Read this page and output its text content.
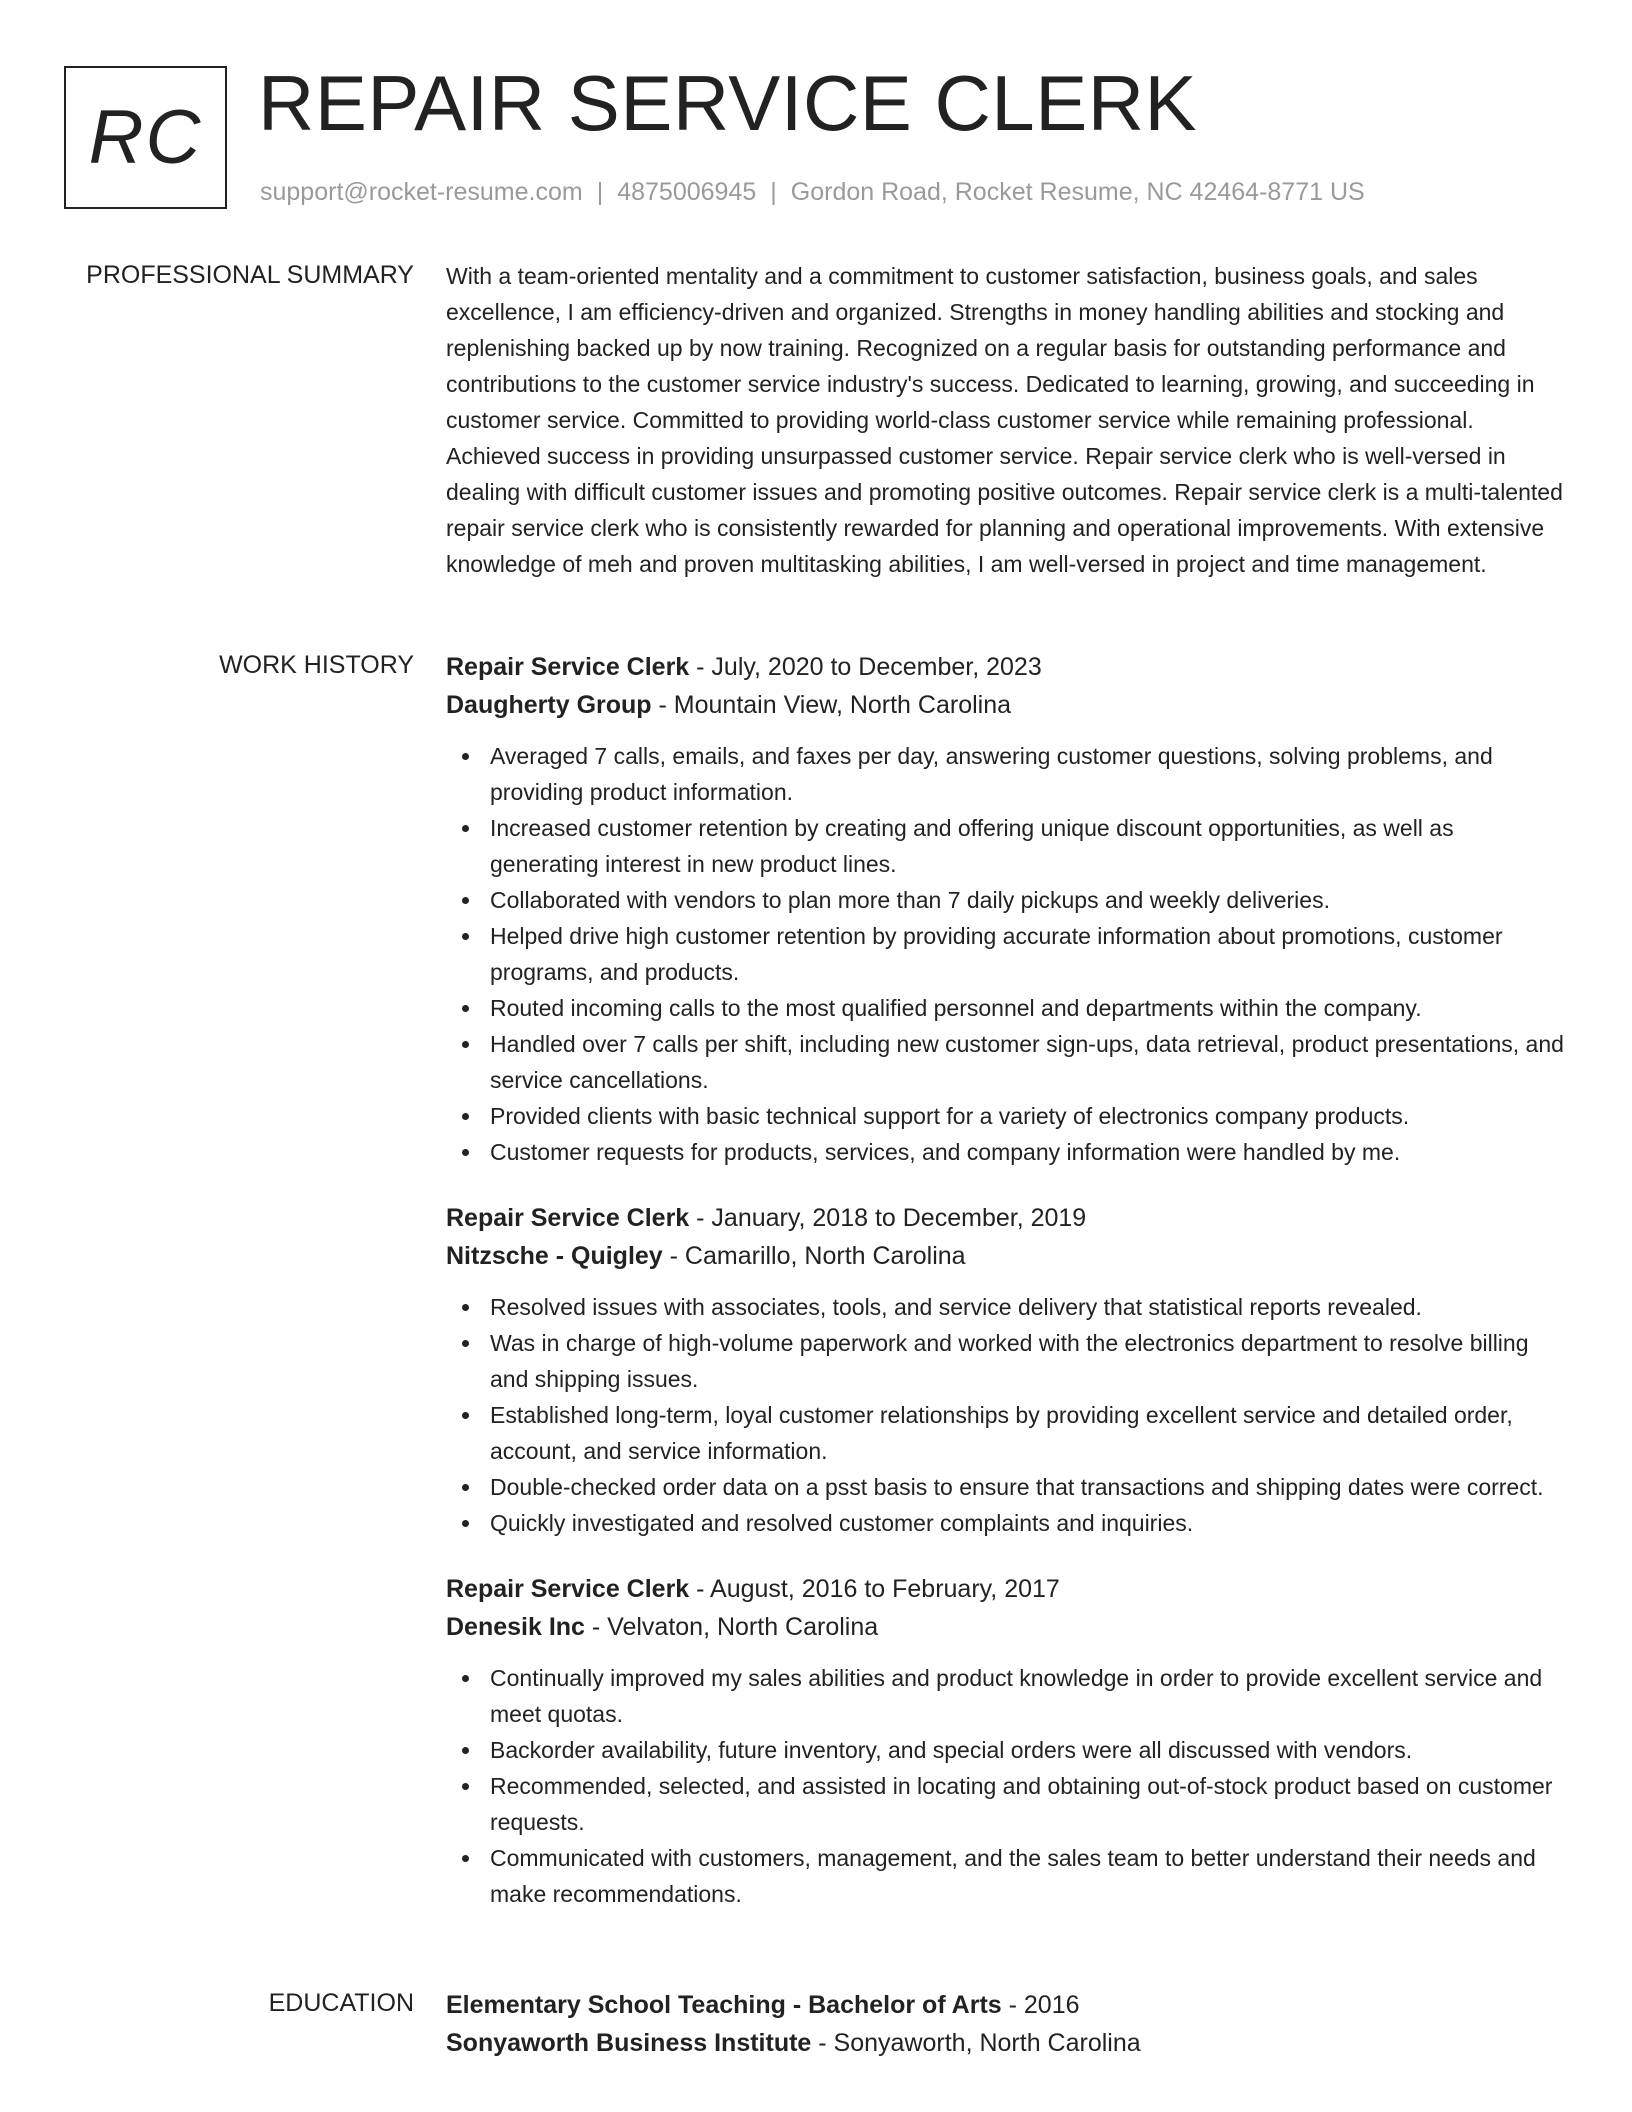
RC REPAIR SERVICE CLERK
support@rocket-resume.com | 4875006945 | Gordon Road, Rocket Resume, NC 42464-8771 US
PROFESSIONAL SUMMARY With a team-oriented mentality and a commitment to customer satisfaction, business goals, and sales excellence, I am efficiency-driven and organized. Strengths in money handling abilities and stocking and replenishing backed up by now training. Recognized on a regular basis for outstanding performance and contributions to the customer service industry's success. Dedicated to learning, growing, and succeeding in customer service. Committed to providing world-class customer service while remaining professional. Achieved success in providing unsurpassed customer service. Repair service clerk who is well-versed in dealing with difficult customer issues and promoting positive outcomes. Repair service clerk is a multi-talented repair service clerk who is consistently rewarded for planning and operational improvements. With extensive knowledge of meh and proven multitasking abilities, I am well-versed in project and time management.

WORK HISTORY Repair Service Clerk - July, 2020 to December, 2023
Daugherty Group - Mountain View, North Carolina
Averaged 7 calls, emails, and faxes per day, answering customer questions, solving problems, and providing product information.
Increased customer retention by creating and offering unique discount opportunities, as well as generating interest in new product lines.
Collaborated with vendors to plan more than 7 daily pickups and weekly deliveries.
Helped drive high customer retention by providing accurate information about promotions, customer programs, and products.
Routed incoming calls to the most qualified personnel and departments within the company.
Handled over 7 calls per shift, including new customer sign-ups, data retrieval, product presentations, and service cancellations.
Provided clients with basic technical support for a variety of electronics company products.
Customer requests for products, services, and company information were handled by me.
Repair Service Clerk - January, 2018 to December, 2019
Nitzsche - Quigley - Camarillo, North Carolina
Resolved issues with associates, tools, and service delivery that statistical reports revealed.
Was in charge of high-volume paperwork and worked with the electronics department to resolve billing and shipping issues.
Established long-term, loyal customer relationships by providing excellent service and detailed order, account, and service information.
Double-checked order data on a psst basis to ensure that transactions and shipping dates were correct.
Quickly investigated and resolved customer complaints and inquiries.
Repair Service Clerk - August, 2016 to February, 2017
Denesik Inc - Velvaton, North Carolina
Continually improved my sales abilities and product knowledge in order to provide excellent service and meet quotas.
Backorder availability, future inventory, and special orders were all discussed with vendors.
Recommended, selected, and assisted in locating and obtaining out-of-stock product based on customer requests.
Communicated with customers, management, and the sales team to better understand their needs and make recommendations.
EDUCATION Elementary School Teaching - Bachelor of Arts - 2016
Sonyaworth Business Institute - Sonyaworth, North Carolina
